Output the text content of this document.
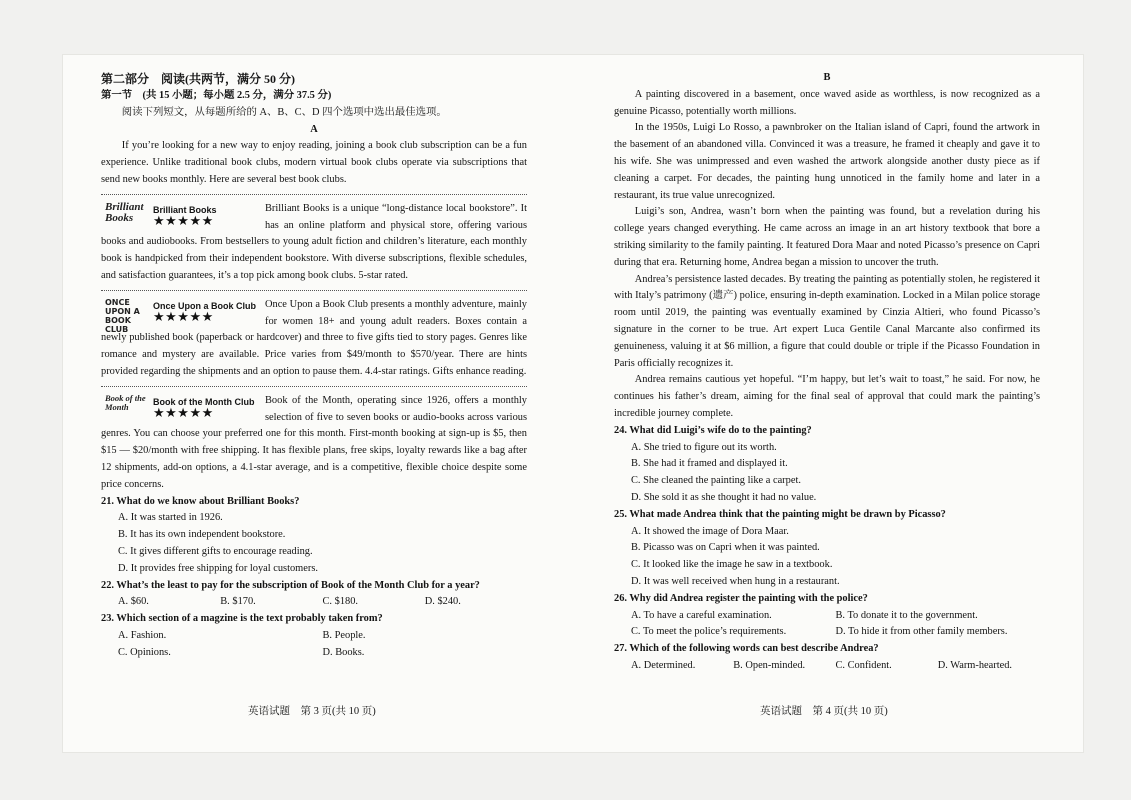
第二部分　阅读(共两节，满分 50 分)
第一节　(共 15 小题；每小题 2.5 分，满分 37.5 分)

阅读下列短文，从每题所给的 A、B、C、D 四个选项中选出最佳选项。

A

If you’re looking for a new way to enjoy reading, joining a book club subscription can be a fun experience. Unlike traditional book clubs, modern virtual book clubs operate via subscriptions that send new books monthly. Here are several best book clubs.

Brilliant Books
Brilliant Books
★★★★★

Brilliant Books is a unique “long-distance local bookstore”. It has an online platform and physical store, offering various books and audiobooks. From bestsellers to young adult fiction and children’s literature, each monthly book is handpicked from their independent bookstore. With diverse subscriptions, flexible schedules, and satisfaction guarantees, it’s a top pick among book clubs. 5-star rated.

ONCE UPON A BOOK CLUB
Once Upon a Book Club
★★★★★

Once Upon a Book Club presents a monthly adventure, mainly for women 18+ and young adult readers. Boxes contain a newly published book (paperback or hardcover) and three to five gifts tied to story pages. Genres like romance and mystery are available. Price varies from $49/month to $570/year. There are hints provided regarding the shipments and an option to pause them. 4.4-star ratings. Gifts enhance reading.

Book of the Month	Book of the Month Club
★★★★★

Book of the Month, operating since 1926, offers a monthly selection of five to seven books or audio-books across various genres. You can choose your preferred one for this month. First-month booking at sign-up is $5, then $15 — $20/month with free shipping. It has flexible plans, free skips, loyalty rewards like a bag after 12 shipments, add-on options, a 4.1-star average, and is a competitive, flexible choice despite some price concerns.

21. What do we know about Brilliant Books?
A. It was started in 1926.
B. It has its own independent bookstore.
C. It gives different gifts to encourage reading.
D. It provides free shipping for loyal customers.
22. What’s the least to pay for the subscription of Book of the Month Club for a year?
A. $60.	B. $170.	C. $180.	D. $240.
23. Which section of a magzine is the text probably taken from?
A. Fashion.	B. People.
C. Opinions.	D. Books.
B

A painting discovered in a basement, once waved aside as worthless, is now recognized as a genuine Picasso, potentially worth millions.

In the 1950s, Luigi Lo Rosso, a pawnbroker on the Italian island of Capri, found the artwork in the basement of an abandoned villa. Convinced it was a treasure, he framed it cheaply and gave it to his wife. She was unimpressed and even washed the artwork alongside another dusty piece as if cleaning a carpet. For decades, the painting hung unnoticed in the family home and later in a restaurant, its true value unrecognized.

Luigi’s son, Andrea, wasn’t born when the painting was found, but a revelation during his college years changed everything. He came across an image in an art history textbook that bore a striking similarity to the family painting. It featured Dora Maar and noted Picasso’s presence on Capri during that era. Returning home, Andrea began a mission to uncover the truth.

Andrea’s persistence lasted decades. By treating the painting as potentially stolen, he registered it with Italy’s patrimony (遗产) police, ensuring in-depth examination. Locked in a Milan police storage room until 2019, the painting was eventually examined by Cinzia Altieri, who found Picasso’s signature in the corner to be true. Art expert Luca Gentile Canal Marcante also confirmed its genuineness, valuing it at $6 million, a figure that could double or triple if the Picasso Foundation in Paris officially recognizes it.

Andrea remains cautious yet hopeful. “I’m happy, but let’s wait to toast,” he said. For now, he continues his father’s dream, aiming for the final seal of approval that could mark the painting’s incredible journey complete.

24. What did Luigi’s wife do to the painting?
A. She tried to figure out its worth.
B. She had it framed and displayed it.
C. She cleaned the painting like a carpet.
D. She sold it as she thought it had no value.
25. What made Andrea think that the painting might be drawn by Picasso?
A. It showed the image of Dora Maar.
B. Picasso was on Capri when it was painted.
C. It looked like the image he saw in a textbook.
D. It was well received when hung in a restaurant.
26. Why did Andrea register the painting with the police?
A. To have a careful examination.	B. To donate it to the government.
C. To meet the police’s requirements.	D. To hide it from other family members.
27. Which of the following words can best describe Andrea?
A. Determined.	B. Open-minded.	C. Confident.	D. Warm-hearted.
英语试题　第 3 页(共 10 页)	英语试题　第 4 页(共 10 页)
